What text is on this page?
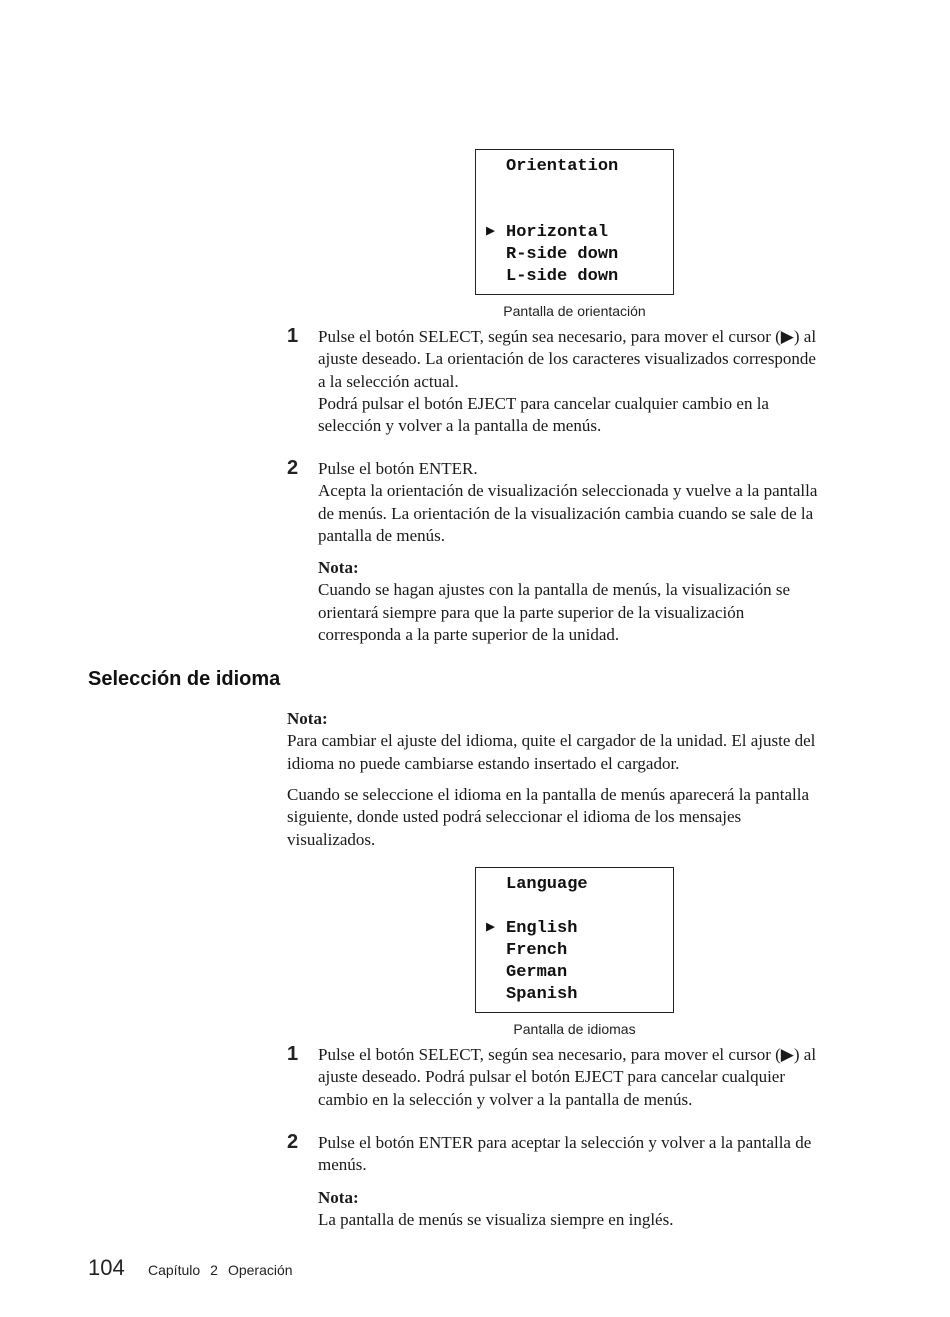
Orientation
▶ Horizontal
R-side down
L-side down
Pantalla de orientación
1 Pulse el botón SELECT, según sea necesario, para mover el cursor (▶) al

ajuste deseado. La orientación de los caracteres visualizados corresponde

a la selección actual.

Podrá pulsar el botón EJECT para cancelar cualquier cambio en la

selección y volver a la pantalla de menús.

2 Pulse el botón ENTER.

Acepta la orientación de visualización seleccionada y vuelve a la pantalla

de menús. La orientación de la visualización cambia cuando se sale de la

pantalla de menús.

Nota:

Cuando se hagan ajustes con la pantalla de menús, la visualización se

orientará siempre para que la parte superior de la visualización

corresponda a la parte superior de la unidad.

Selección de idioma

Nota:

Para cambiar el ajuste del idioma, quite el cargador de la unidad. El ajuste del

idioma no puede cambiarse estando insertado el cargador.

Cuando se seleccione el idioma en la pantalla de menús aparecerá la pantalla

siguiente, donde usted podrá seleccionar el idioma de los mensajes

visualizados.

Language
▶ English
French
German
Spanish
Pantalla de idiomas
1 Pulse el botón SELECT, según sea necesario, para mover el cursor (▶) al

ajuste deseado. Podrá pulsar el botón EJECT para cancelar cualquier

cambio en la selección y volver a la pantalla de menús.

2 Pulse el botón ENTER para aceptar la selección y volver a la pantalla de

menús.

Nota:

La pantalla de menús se visualiza siempre en inglés.

104 Capítulo 2 Operación
